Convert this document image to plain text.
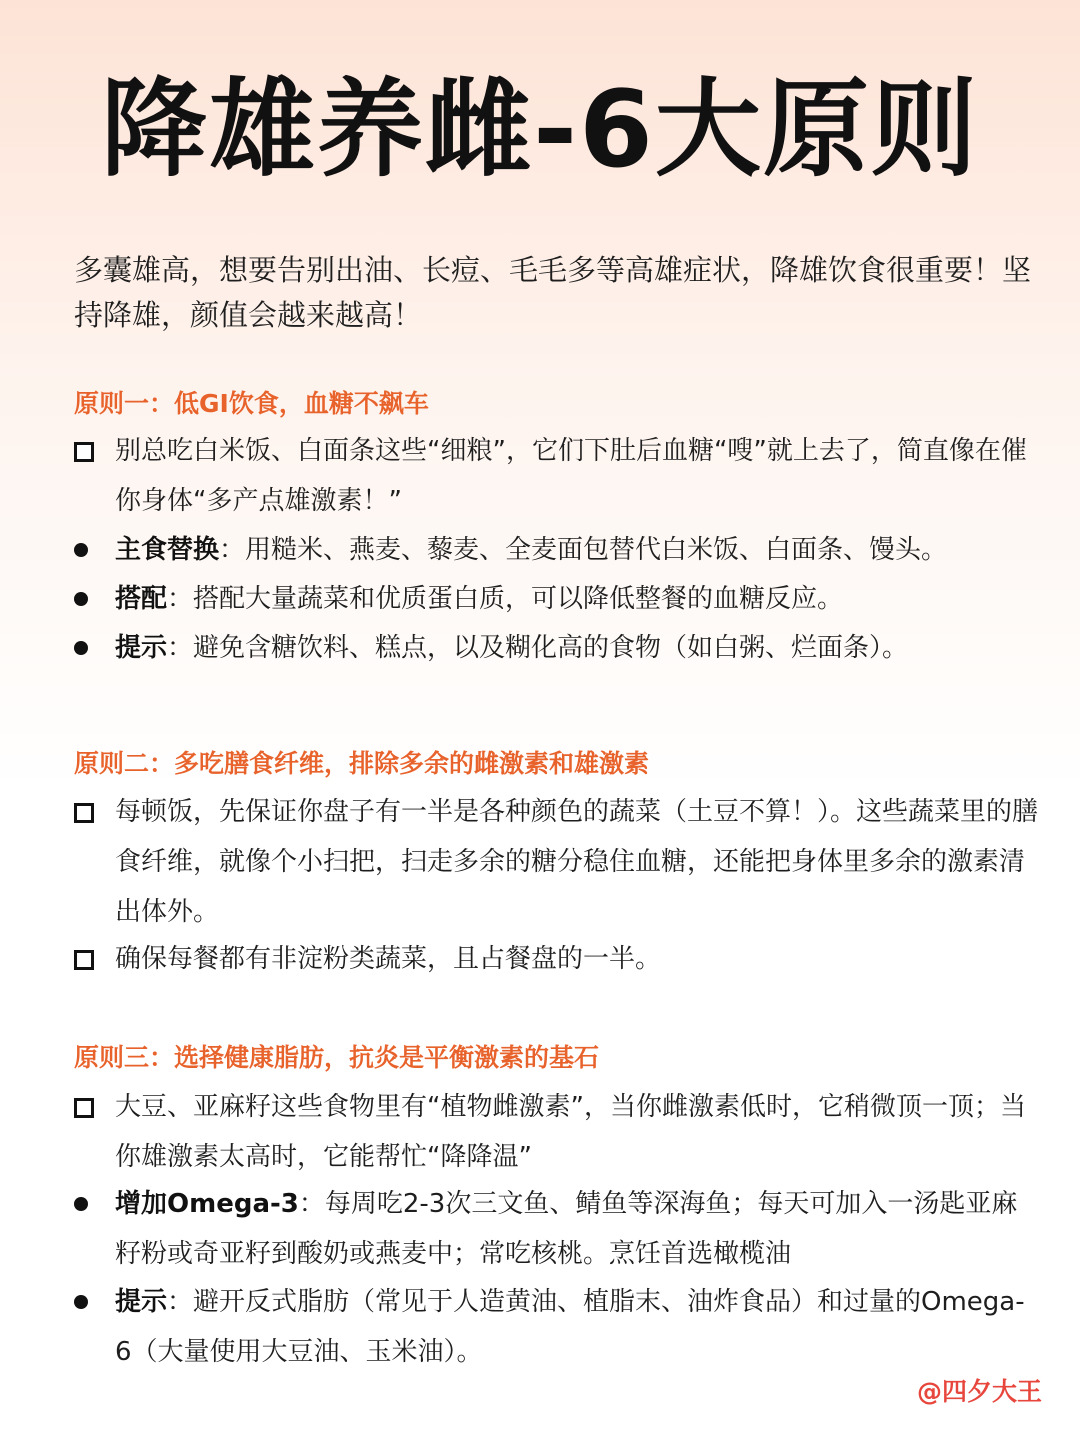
降雄养雌-6大原则

多囊雄高，想要告别出油、长痘、毛毛多等高雄症状，降雄饮食很重要！坚持降雄，颜值会越来越高！

原则一：低GI饮食，血糖不飙车
别总吃白米饭、白面条这些“细粮”，它们下肚后血糖“嗖”就上去了，简直像在催你身体“多产点雄激素！”
主食替换：用糙米、燕麦、藜麦、全麦面包替代白米饭、白面条、馒头。
搭配：搭配大量蔬菜和优质蛋白质，可以降低整餐的血糖反应。
提示：避免含糖饮料、糕点，以及糊化高的食物（如白粥、烂面条）。
原则二：多吃膳食纤维，排除多余的雌激素和雄激素
每顿饭，先保证你盘子有一半是各种颜色的蔬菜（土豆不算！）。这些蔬菜里的膳食纤维，就像个小扫把，扫走多余的糖分稳住血糖，还能把身体里多余的激素清出体外。
确保每餐都有非淀粉类蔬菜，且占餐盘的一半。
原则三：选择健康脂肪，抗炎是平衡激素的基石
大豆、亚麻籽这些食物里有“植物雌激素”，当你雌激素低时，它稍微顶一顶；当你雄激素太高时，它能帮忙“降降温”
增加Omega-3：每周吃2-3次三文鱼、鲭鱼等深海鱼；每天可加入一汤匙亚麻籽粉或奇亚籽到酸奶或燕麦中；常吃核桃。烹饪首选橄榄油
提示：避开反式脂肪（常见于人造黄油、植脂末、油炸食品）和过量的Omega-6（大量使用大豆油、玉米油）。

@四夕大王
